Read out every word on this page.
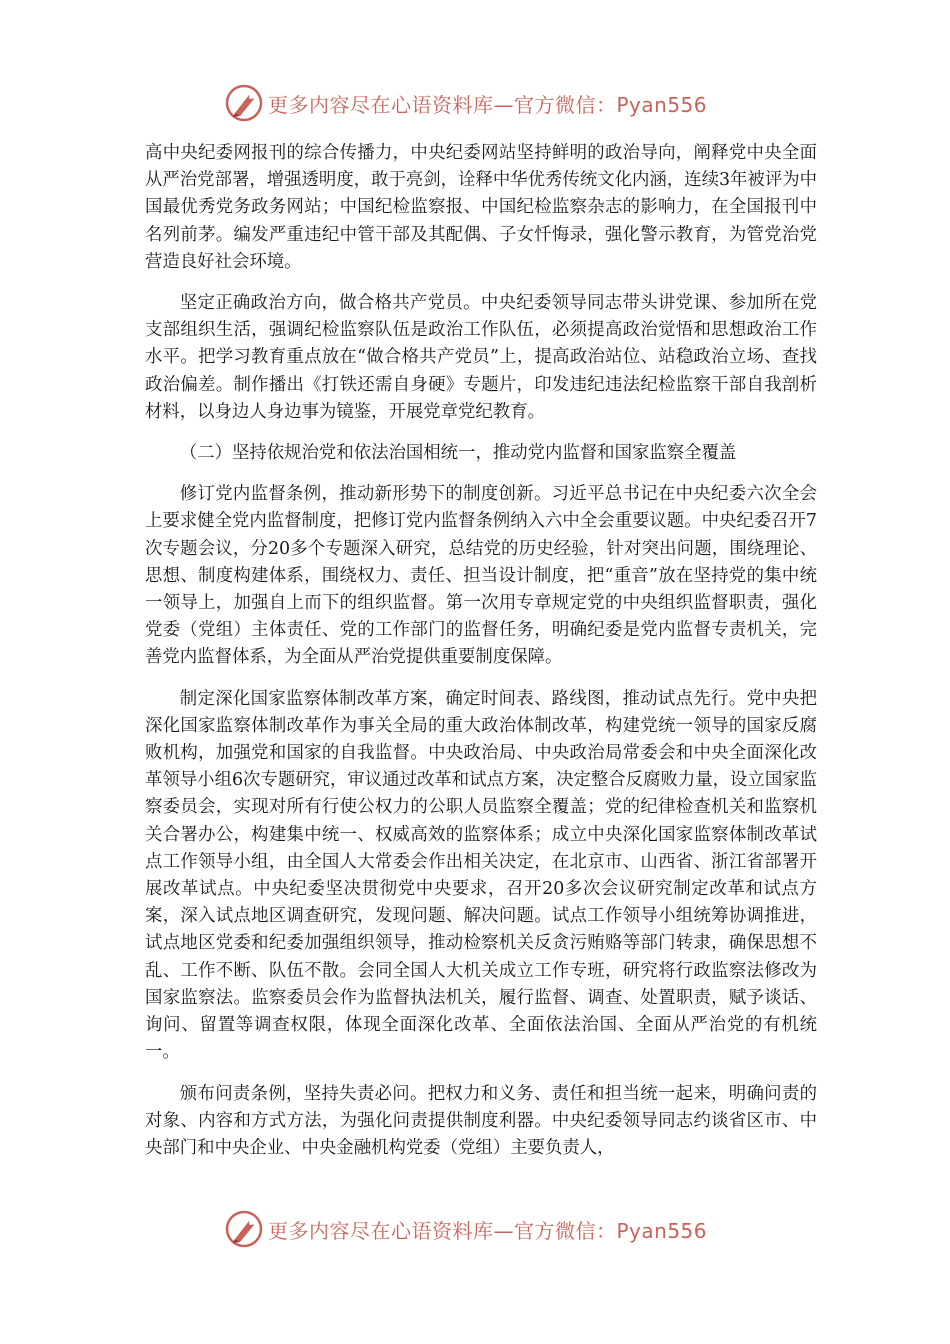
更多内容尽在心语资料库—官方微信：Pyan556

高中央纪委网报刊的综合传播力，中央纪委网站坚持鲜明的政治导向，阐释党中央全面从严治党部署，增强透明度，敢于亮剑，诠释中华优秀传统文化内涵，连续3年被评为中国最优秀党务政务网站；中国纪检监察报、中国纪检监察杂志的影响力，在全国报刊中名列前茅。编发严重违纪中管干部及其配偶、子女忏悔录，强化警示教育，为管党治党营造良好社会环境。

坚定正确政治方向，做合格共产党员。中央纪委领导同志带头讲党课、参加所在党支部组织生活，强调纪检监察队伍是政治工作队伍，必须提高政治觉悟和思想政治工作水平。把学习教育重点放在“做合格共产党员”上，提高政治站位、站稳政治立场、查找政治偏差。制作播出《打铁还需自身硬》专题片，印发违纪违法纪检监察干部自我剖析材料，以身边人身边事为镜鉴，开展党章党纪教育。

（二）坚持依规治党和依法治国相统一，推动党内监督和国家监察全覆盖

修订党内监督条例，推动新形势下的制度创新。习近平总书记在中央纪委六次全会上要求健全党内监督制度，把修订党内监督条例纳入六中全会重要议题。中央纪委召开7次专题会议，分20多个专题深入研究，总结党的历史经验，针对突出问题，围绕理论、思想、制度构建体系，围绕权力、责任、担当设计制度，把“重音”放在坚持党的集中统一领导上，加强自上而下的组织监督。第一次用专章规定党的中央组织监督职责，强化党委（党组）主体责任、党的工作部门的监督任务，明确纪委是党内监督专责机关，完善党内监督体系，为全面从严治党提供重要制度保障。

制定深化国家监察体制改革方案，确定时间表、路线图，推动试点先行。党中央把深化国家监察体制改革作为事关全局的重大政治体制改革，构建党统一领导的国家反腐败机构，加强党和国家的自我监督。中央政治局、中央政治局常委会和中央全面深化改革领导小组6次专题研究，审议通过改革和试点方案，决定整合反腐败力量，设立国家监察委员会，实现对所有行使公权力的公职人员监察全覆盖；党的纪律检查机关和监察机关合署办公，构建集中统一、权威高效的监察体系；成立中央深化国家监察体制改革试点工作领导小组，由全国人大常委会作出相关决定，在北京市、山西省、浙江省部署开展改革试点。中央纪委坚决贯彻党中央要求，召开20多次会议研究制定改革和试点方案，深入试点地区调查研究，发现问题、解决问题。试点工作领导小组统筹协调推进，试点地区党委和纪委加强组织领导，推动检察机关反贪污贿赂等部门转隶，确保思想不乱、工作不断、队伍不散。会同全国人大机关成立工作专班，研究将行政监察法修改为国家监察法。监察委员会作为监督执法机关，履行监督、调查、处置职责，赋予谈话、询问、留置等调查权限，体现全面深化改革、全面依法治国、全面从严治党的有机统一。

颁布问责条例，坚持失责必问。把权力和义务、责任和担当统一起来，明确问责的对象、内容和方式方法，为强化问责提供制度利器。中央纪委领导同志约谈省区市、中央部门和中央企业、中央金融机构党委（党组）主要负责人，

更多内容尽在心语资料库—官方微信：Pyan556
